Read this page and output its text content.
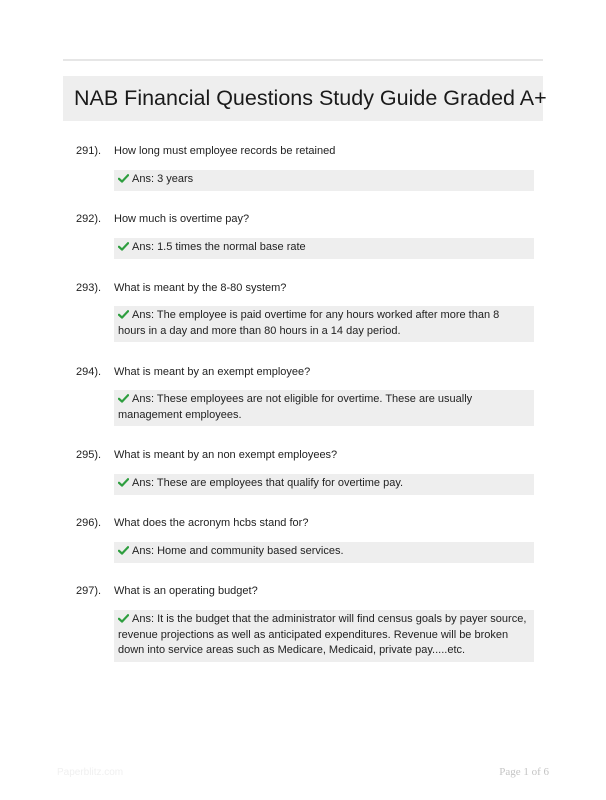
NAB Financial Questions Study Guide Graded A+
291). How long must employee records be retained
Ans: 3 years
292). How much is overtime pay?
Ans: 1.5 times the normal base rate
293). What is meant by the 8-80 system?
Ans: The employee is paid overtime for any hours worked after more than 8 hours in a day and more than 80 hours in a 14 day period.
294). What is meant by an exempt employee?
Ans: These employees are not eligible for overtime. These are usually management employees.
295). What is meant by an non exempt employees?
Ans: These are employees that qualify for overtime pay.
296). What does the acronym hcbs stand for?
Ans: Home and community based services.
297). What is an operating budget?
Ans: It is the budget that the administrator will find census goals by payer source, revenue projections as well as anticipated expenditures. Revenue will be broken down into service areas such as Medicare, Medicaid, private pay.....etc.
Paperblitz.com	Page 1 of 6
